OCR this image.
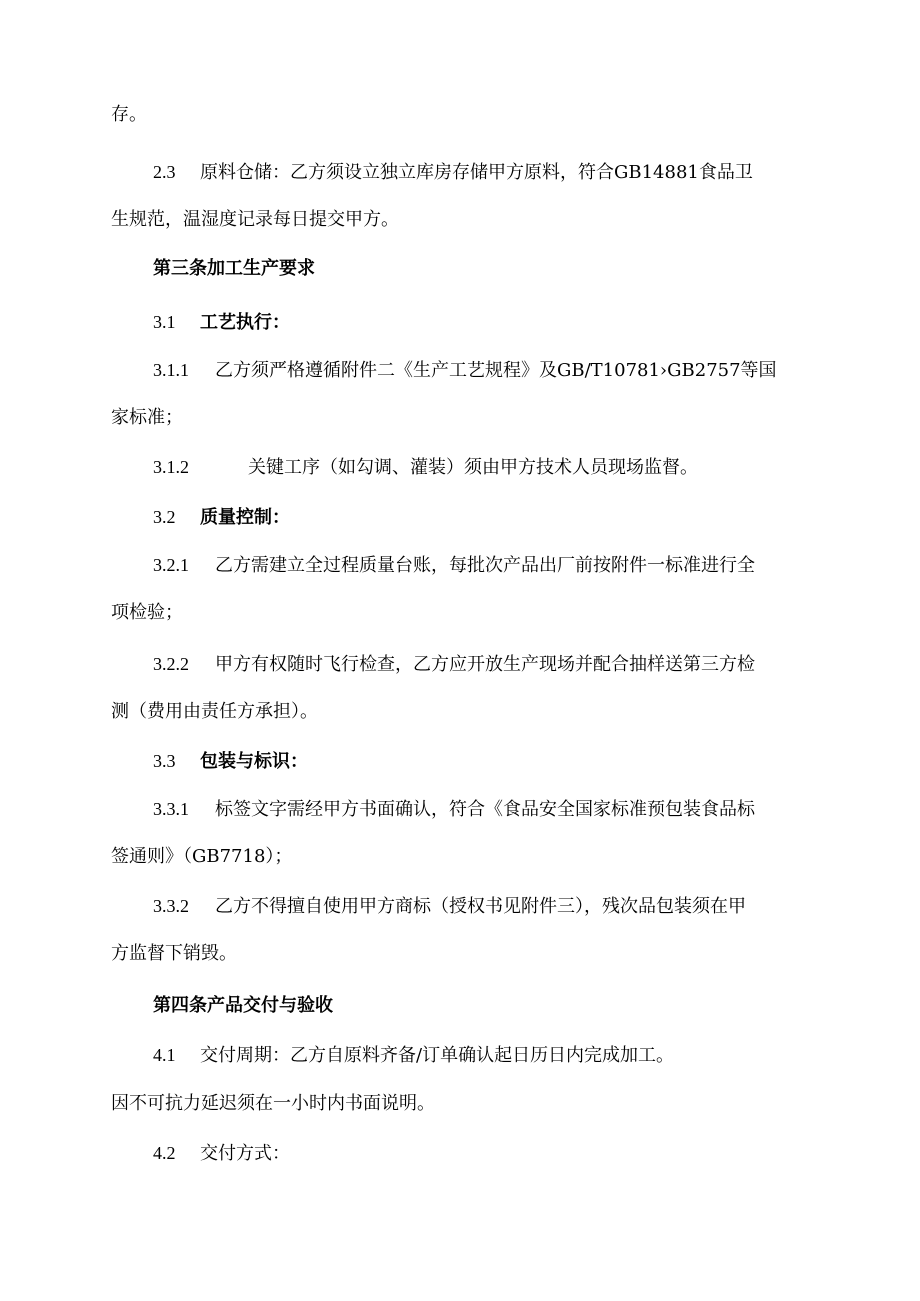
存。

2.3 原料仓储：乙方须设立独立库房存储甲方原料，符合GB14881食品卫

生规范，温湿度记录每日提交甲方。

第三条加工生产要求

3.1 工艺执行：

3.1.1 乙方须严格遵循附件二《生产工艺规程》及GB/T10781›GB2757等国

家标准；

3.1.2	关键工序（如勾调、灌装）须由甲方技术人员现场监督。

3.2 质量控制：

3.2.1 乙方需建立全过程质量台账，每批次产品出厂前按附件一标准进行全

项检验；

3.2.2 甲方有权随时飞行检查，乙方应开放生产现场并配合抽样送第三方检

测（费用由责任方承担）。

3.3 包装与标识：

3.3.1 标签文字需经甲方书面确认，符合《食品安全国家标准预包装食品标

签通则》（GB7718）；

3.3.2 乙方不得擅自使用甲方商标（授权书见附件三），残次品包装须在甲

方监督下销毁。

第四条产品交付与验收

4.1 交付周期：乙方自原料齐备/订单确认起日历日内完成加工。

因不可抗力延迟须在一小时内书面说明。

4.2 交付方式：
